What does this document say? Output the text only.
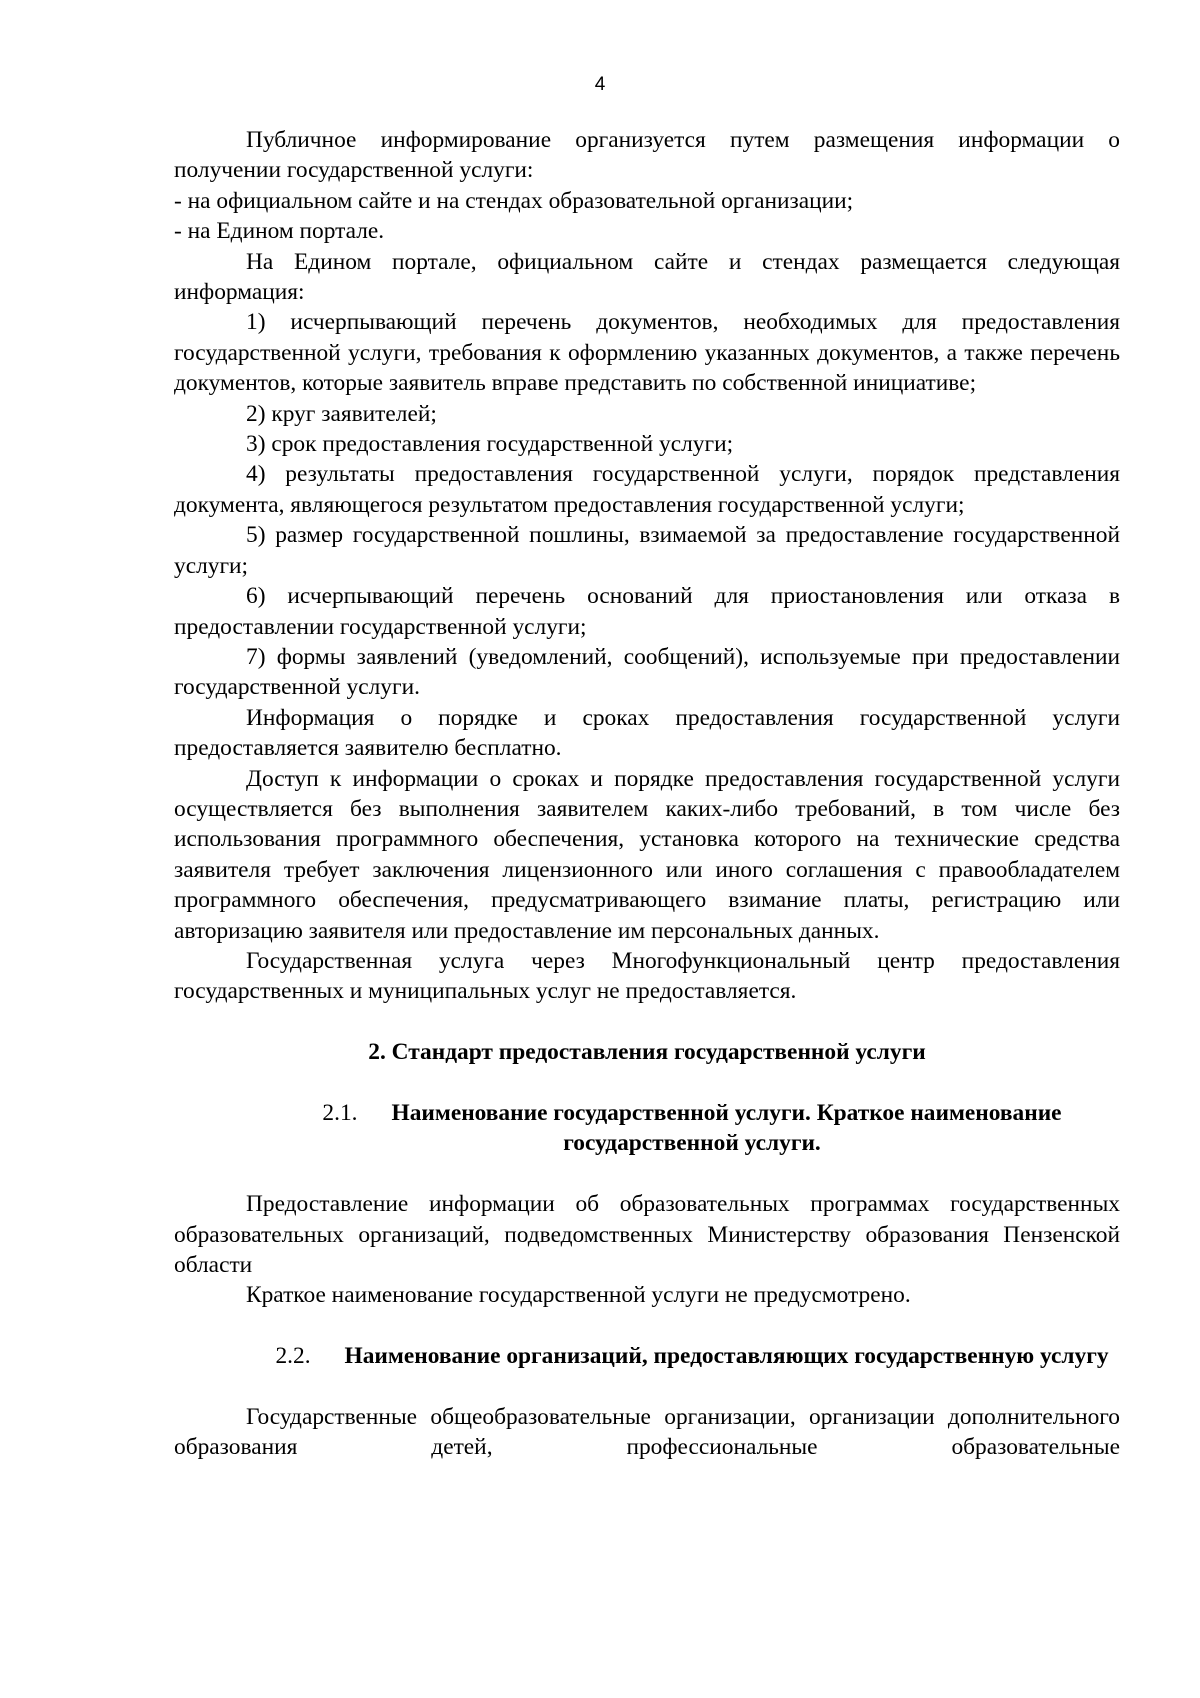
4

Публичное информирование организуется путем размещения информации о получении государственной услуги:

- на официальном сайте и на стендах образовательной организации;

- на Едином портале.

На Едином портале, официальном сайте и стендах размещается следующая информация:

1) исчерпывающий перечень документов, необходимых для предоставления государственной услуги, требования к оформлению указанных документов, а также перечень документов, которые заявитель вправе представить по собственной инициативе;

2) круг заявителей;

3) срок предоставления государственной услуги;

4) результаты предоставления государственной услуги, порядок представления документа, являющегося результатом предоставления государственной услуги;

5) размер государственной пошлины, взимаемой за предоставление государственной услуги;

6) исчерпывающий перечень оснований для приостановления или отказа в предоставлении государственной услуги;

7) формы заявлений (уведомлений, сообщений), используемые при предоставлении государственной услуги.

Информация о порядке и сроках предоставления государственной услуги предоставляется заявителю бесплатно.

Доступ к информации о сроках и порядке предоставления государственной услуги осуществляется без выполнения заявителем каких-либо требований, в том числе без использования программного обеспечения, установка которого на технические средства заявителя требует заключения лицензионного или иного соглашения с правообладателем программного обеспечения, предусматривающего взимание платы, регистрацию или авторизацию заявителя или предоставление им персональных данных.

Государственная услуга через Многофункциональный центр предоставления государственных и муниципальных услуг не предоставляется.

2. Стандарт предоставления государственной услуги

2.1. Наименование государственной услуги. Краткое наименование государственной услуги.

Предоставление информации об образовательных программах государственных образовательных организаций, подведомственных Министерству образования Пензенской области

Краткое наименование государственной услуги не предусмотрено.

2.2. Наименование организаций, предоставляющих государственную услугу

Государственные общеобразовательные организации, организации дополнительного образования детей, профессиональные образовательные
